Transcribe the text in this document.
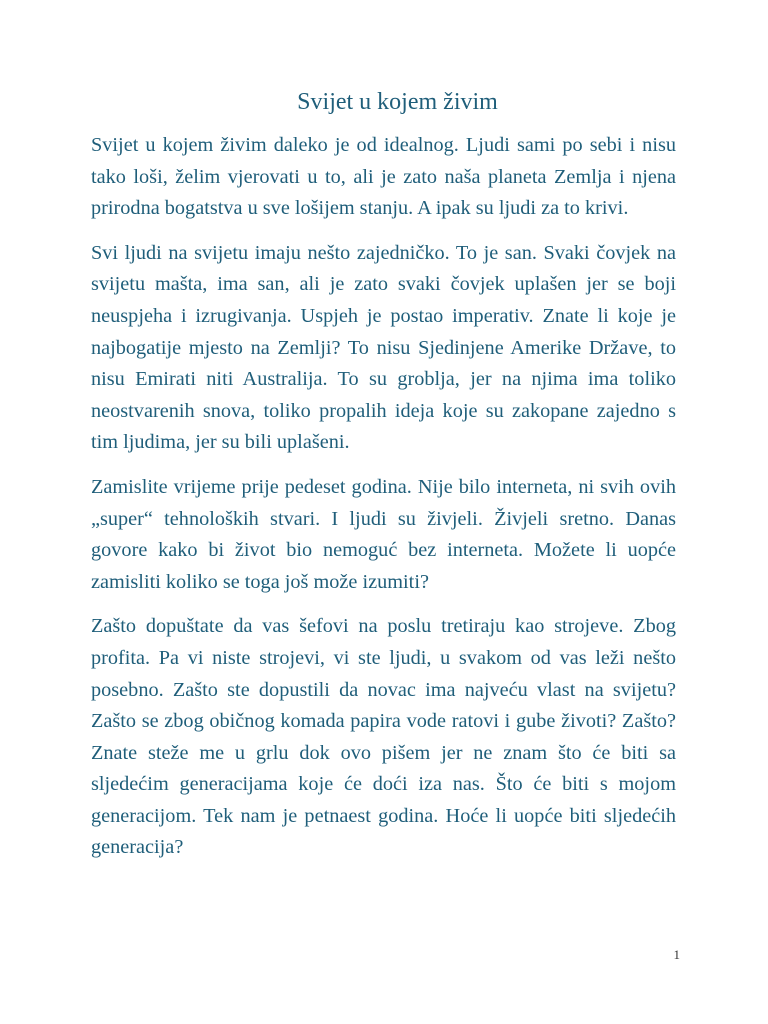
Svijet u kojem živim

Svijet u kojem živim daleko je od idealnog. Ljudi sami po sebi i nisu tako loši, želim vjerovati u to, ali je zato naša planeta Zemlja i njena prirodna bogatstva u sve lošijem stanju. A ipak su ljudi za to krivi.

Svi ljudi na svijetu imaju nešto zajedničko. To je san. Svaki čovjek na svijetu mašta, ima san, ali je zato svaki čovjek uplašen jer se boji neuspjeha i izrugivanja. Uspjeh je postao imperativ. Znate li koje je najbogatije mjesto na Zemlji? To nisu Sjedinjene Amerike Države, to nisu Emirati niti Australija. To su groblja, jer na njima ima toliko neostvarenih snova, toliko propalih ideja koje su zakopane zajedno s tim ljudima, jer su bili uplašeni.

Zamislite vrijeme prije pedeset godina. Nije bilo interneta, ni svih ovih „super“ tehnoloških stvari. I ljudi su živjeli. Živjeli sretno. Danas govore kako bi život bio nemoguć bez interneta. Možete li uopće zamisliti koliko se toga još može izumiti?

Zašto dopuštate da vas šefovi na poslu tretiraju kao strojeve. Zbog profita. Pa vi niste strojevi, vi ste ljudi, u svakom od vas leži nešto posebno. Zašto ste dopustili da novac ima najveću vlast na svijetu? Zašto se zbog običnog komada papira vode ratovi i gube životi? Zašto? Znate steže me u grlu dok ovo pišem jer ne znam što će biti sa sljedećim generacijama koje će doći iza nas. Što će biti s mojom generacijom. Tek nam je petnaest godina. Hoće li uopće biti sljedećih generacija?

1
